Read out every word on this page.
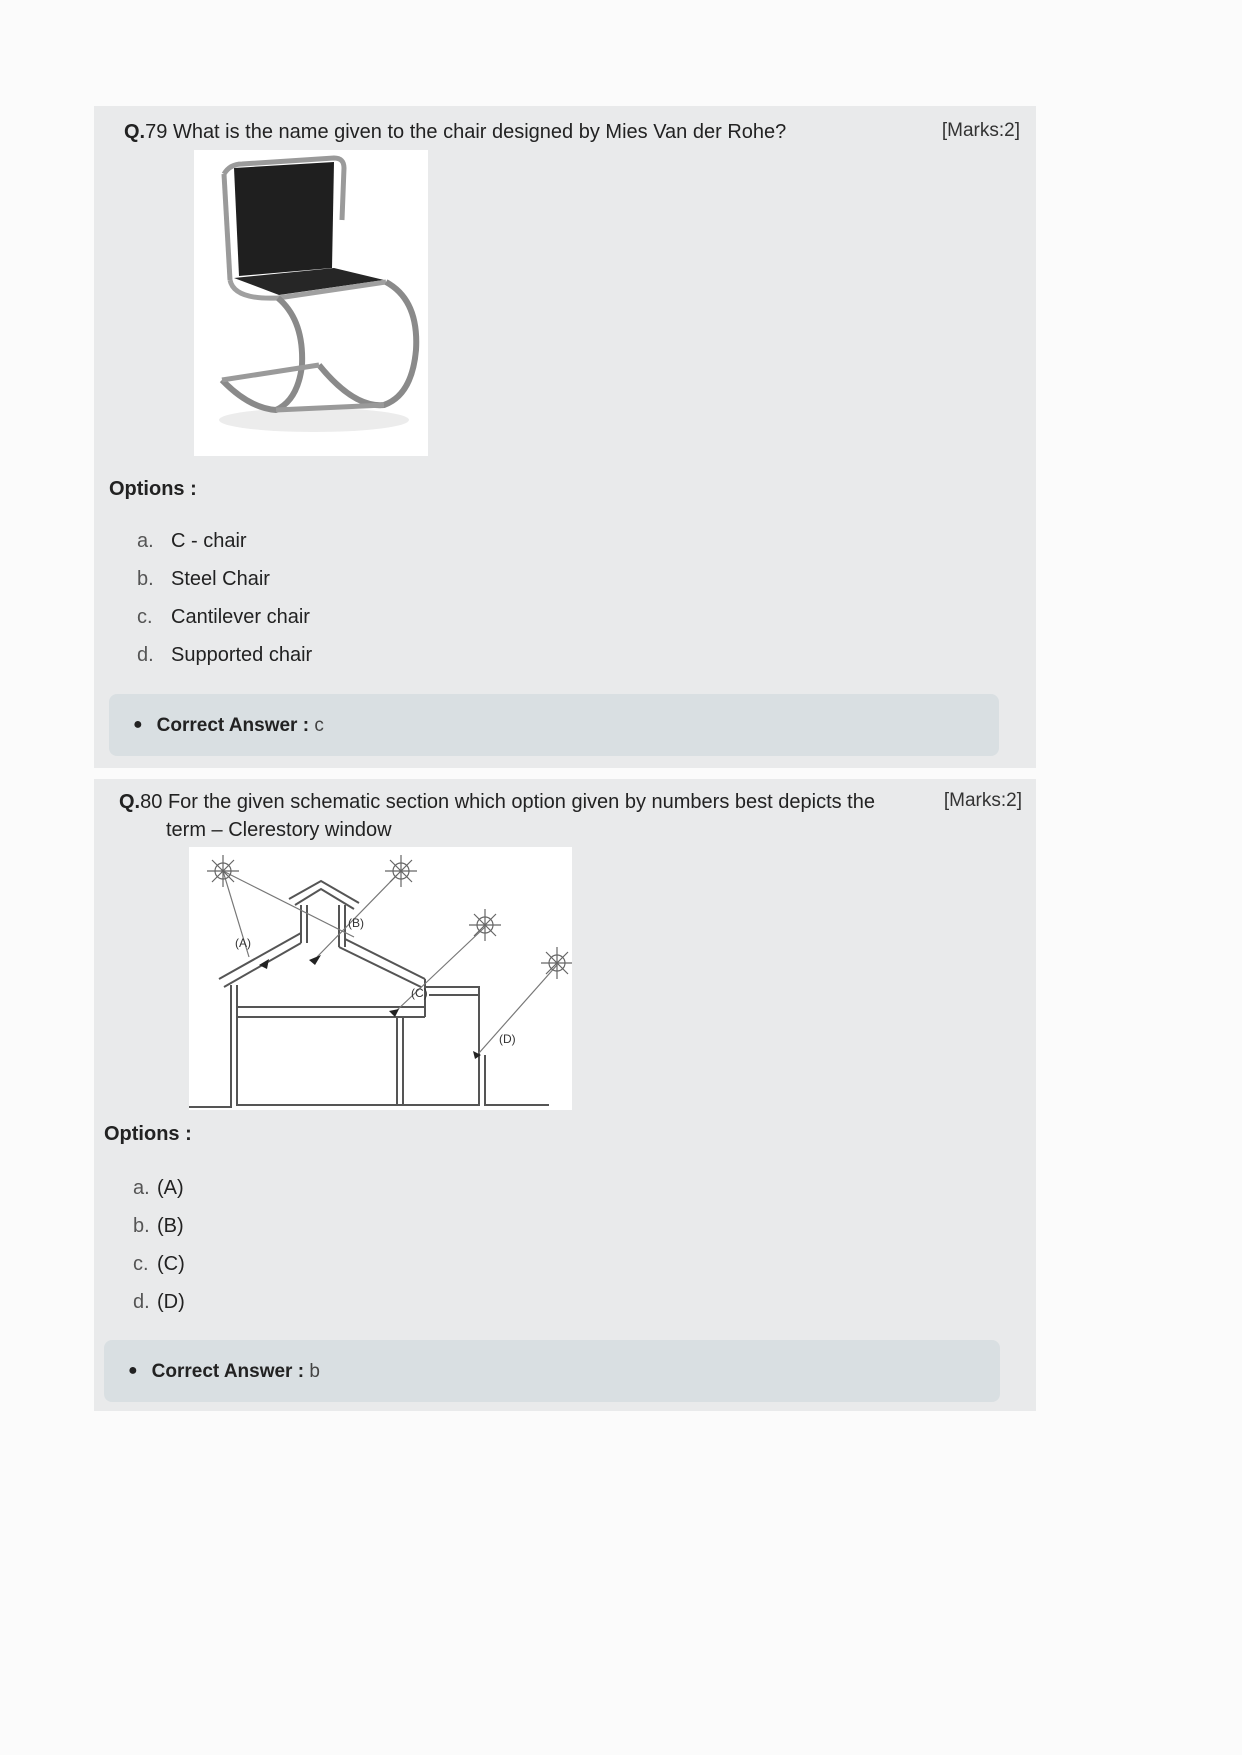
Q.79 What is the name given to the chair designed by Mies Van der Rohe?	[Marks:2]
Options :
a. C - chair
b. Steel Chair
c. Cantilever chair
d. Supported chair
● Correct Answer : c
Q.80 For the given schematic section which option given by numbers best depicts the
term – Clerestory window
[Marks:2]
(A)
(B)
(C)
(D)
Options :
a. (A)
b. (B)
c. (C)
d. (D)
● Correct Answer : b
